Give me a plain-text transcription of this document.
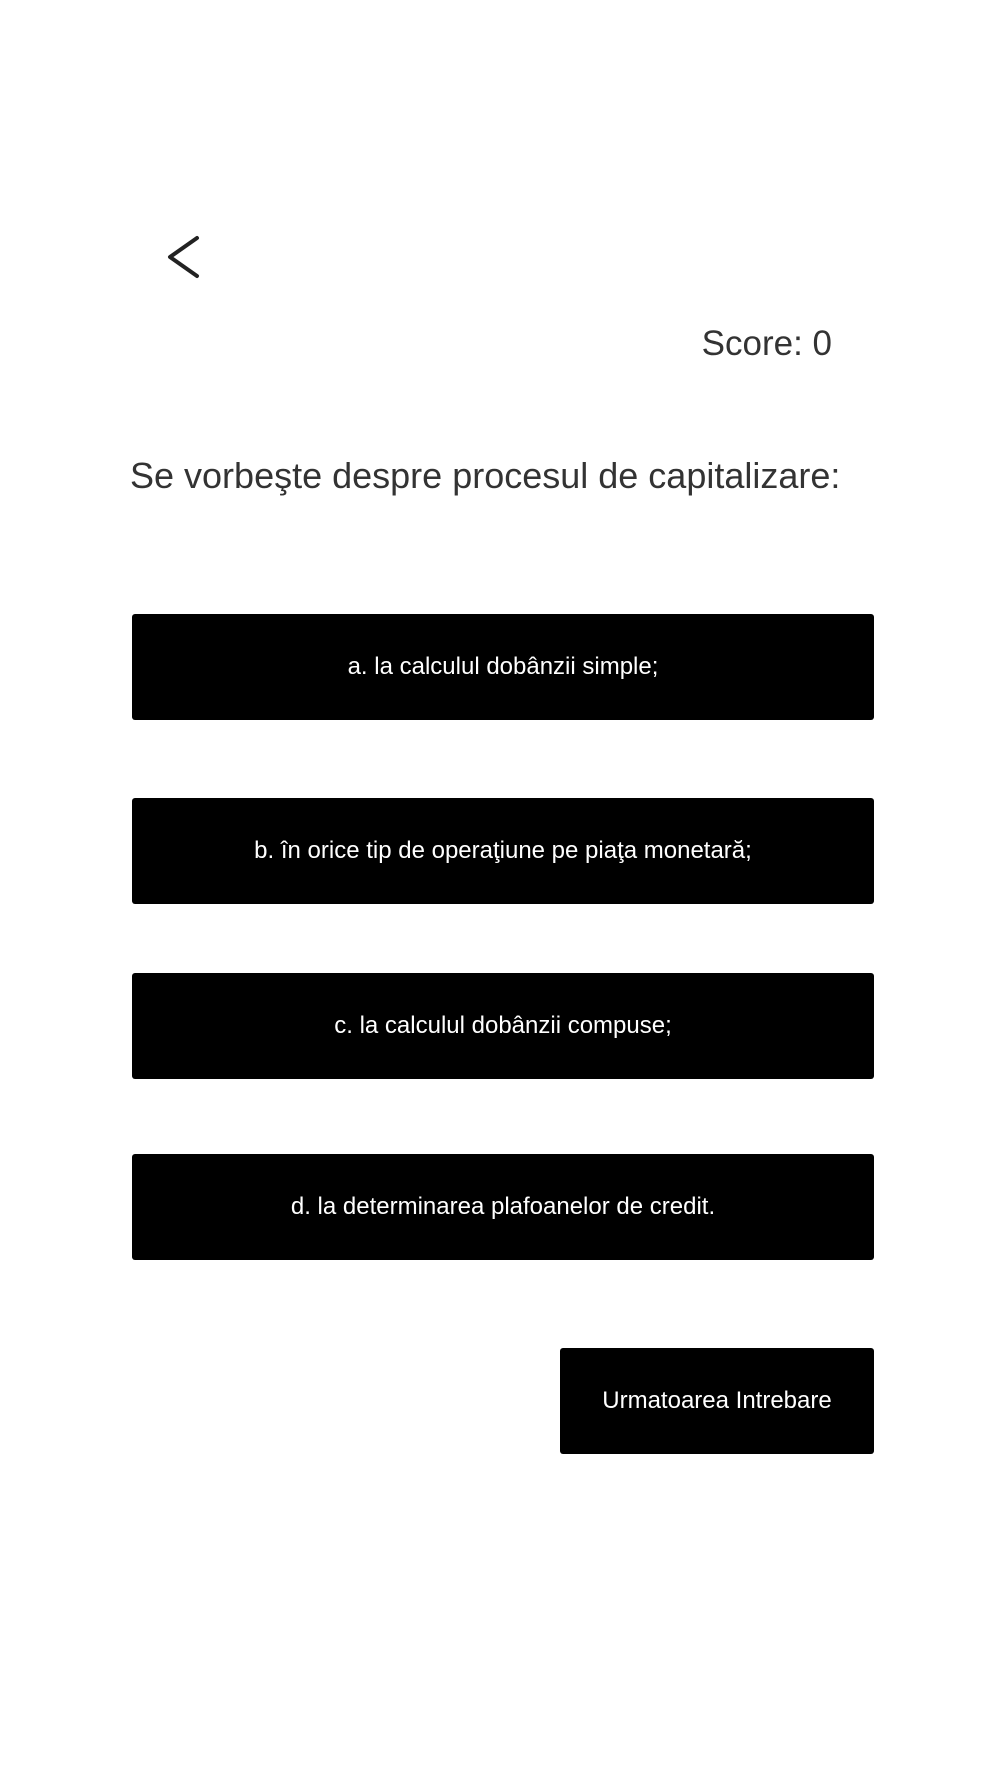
Score: 0
Se vorbeşte despre procesul de capitalizare:
a. la calculul dobânzii simple;
b. în orice tip de operaţiune pe piaţa monetară;
c. la calculul dobânzii compuse;
d. la determinarea plafoanelor de credit.
Urmatoarea Intrebare
